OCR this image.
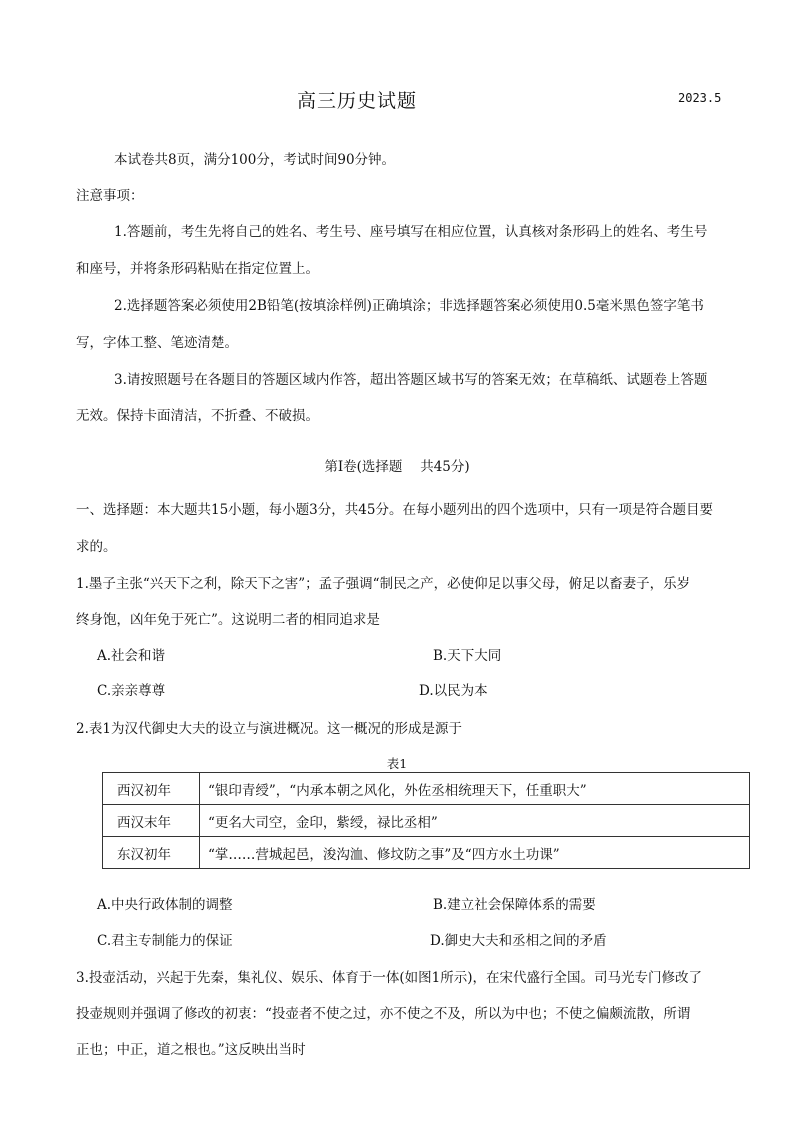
高三历史试题	2023.5
本试卷共8页，满分100分，考试时间90分钟。
注意事项：
1.答题前，考生先将自己的姓名、考生号、座号填写在相应位置，认真核对条形码上的姓名、考生号
和座号，并将条形码粘贴在指定位置上。
2.选择题答案必须使用2B铅笔(按填涂样例)正确填涂；非选择题答案必须使用0.5毫米黑色签字笔书
写，字体工整、笔迹清楚。
3.请按照题号在各题目的答题区域内作答，超出答题区域书写的答案无效；在草稿纸、试题卷上答题
无效。保持卡面清洁，不折叠、不破损。
第Ⅰ卷(选择题　 共45分)
一、选择题：本大题共15小题，每小题3分，共45分。在每小题列出的四个选项中，只有一项是符合题目要
求的。
1.墨子主张“兴天下之利，除天下之害”；孟子强调“制民之产，必使仰足以事父母，俯足以畜妻子，乐岁
终身饱，凶年免于死亡”。这说明二者的相同追求是
A.社会和谐	B.天下大同
C.亲亲尊尊	D.以民为本
2.表1为汉代御史大夫的设立与演进概况。这一概况的形成是源于
表1
西汉初年	“银印青绶”，“内承本朝之风化，外佐丞相统理天下，任重职大”
西汉末年	“更名大司空，金印，紫绶，禄比丞相”
东汉初年	“掌……营城起邑，浚沟洫、修坟防之事”及“四方水土功课”
A.中央行政体制的调整	B.建立社会保障体系的需要
C.君主专制能力的保证	D.御史大夫和丞相之间的矛盾
3.投壶活动，兴起于先秦，集礼仪、娱乐、体育于一体(如图1所示)，在宋代盛行全国。司马光专门修改了
投壶规则并强调了修改的初衷：“投壶者不使之过，亦不使之不及，所以为中也；不使之偏颇流散，所谓
正也；中正，道之根也。”这反映出当时
